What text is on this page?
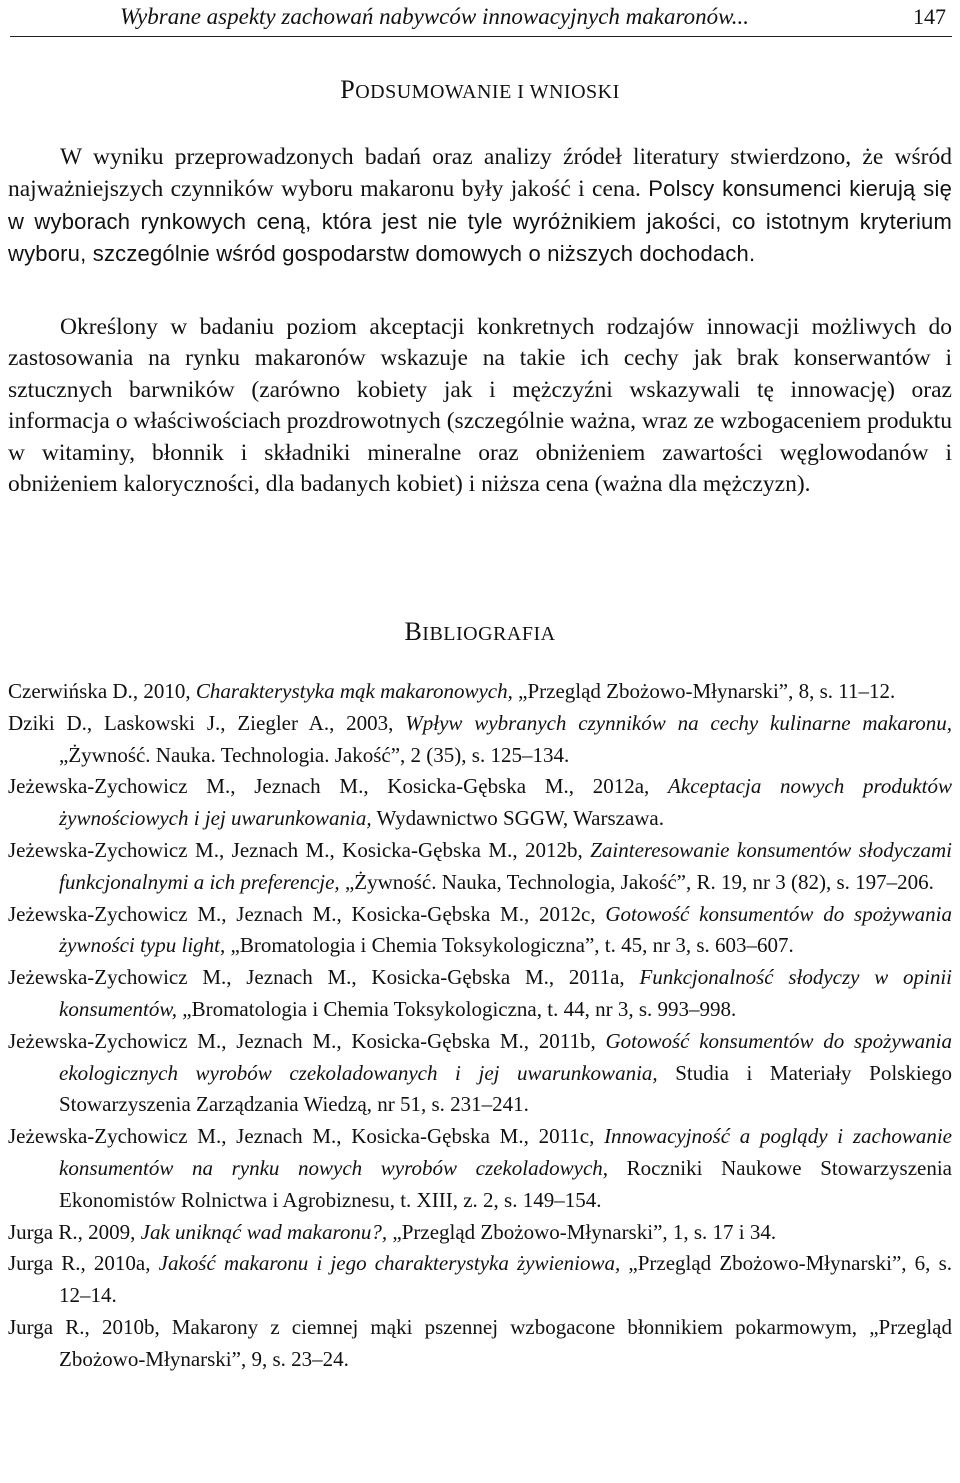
Wybrane aspekty zachowań nabywców innowacyjnych makaronów...	147
PODSUMOWANIE I WNIOSKI

W wyniku przeprowadzonych badań oraz analizy źródeł literatury stwierdzono, że wśród najważniejszych czynników wyboru makaronu były jakość i cena. Polscy konsumenci kierują się w wyborach rynkowych ceną, która jest nie tyle wyróżnikiem jakości, co istotnym kryterium wyboru, szczególnie wśród gospodarstw domowych o niższych dochodach.

Określony w badaniu poziom akceptacji konkretnych rodzajów innowacji możliwych do zastosowania na rynku makaronów wskazuje na takie ich cechy jak brak konserwantów i sztucznych barwników (zarówno kobiety jak i mężczyźni wskazywali tę innowację) oraz informacja o właściwościach prozdrowotnych (szczególnie ważna, wraz ze wzbogaceniem produktu w witaminy, błonnik i składniki mineralne oraz obniżeniem zawartości węglowodanów i obniżeniem kaloryczności, dla badanych kobiet) i niższa cena (ważna dla mężczyzn).

BIBLIOGRAFIA

Czerwińska D., 2010, Charakterystyka mąk makaronowych, „Przegląd Zbożowo-Młynarski”, 8, s. 11–12.

Dziki D., Laskowski J., Ziegler A., 2003, Wpływ wybranych czynników na cechy kulinarne makaronu, „Żywność. Nauka. Technologia. Jakość”, 2 (35), s. 125–134.

Jeżewska-Zychowicz M., Jeznach M., Kosicka-Gębska M., 2012a, Akceptacja nowych produktów żywnościowych i jej uwarunkowania, Wydawnictwo SGGW, Warszawa.

Jeżewska-Zychowicz M., Jeznach M., Kosicka-Gębska M., 2012b, Zainteresowanie konsumentów słodyczami funkcjonalnymi a ich preferencje, „Żywność. Nauka, Technologia, Jakość”, R. 19, nr 3 (82), s. 197–206.

Jeżewska-Zychowicz M., Jeznach M., Kosicka-Gębska M., 2012c, Gotowość konsumentów do spożywania żywności typu light, „Bromatologia i Chemia Toksykologiczna”, t. 45, nr 3, s. 603–607.

Jeżewska-Zychowicz M., Jeznach M., Kosicka-Gębska M., 2011a, Funkcjonalność słodyczy w opinii konsumentów, „Bromatologia i Chemia Toksykologiczna, t. 44, nr 3, s. 993–998.

Jeżewska-Zychowicz M., Jeznach M., Kosicka-Gębska M., 2011b, Gotowość konsumentów do spożywania ekologicznych wyrobów czekoladowanych i jej uwarunkowania, Studia i Materiały Polskiego Stowarzyszenia Zarządzania Wiedzą, nr 51, s. 231–241.

Jeżewska-Zychowicz M., Jeznach M., Kosicka-Gębska M., 2011c, Innowacyjność a poglądy i zachowanie konsumentów na rynku nowych wyrobów czekoladowych, Roczniki Naukowe Stowarzyszenia Ekonomistów Rolnictwa i Agrobiznesu, t. XIII, z. 2, s. 149–154.

Jurga R., 2009, Jak uniknąć wad makaronu?, „Przegląd Zbożowo-Młynarski”, 1, s. 17 i 34.

Jurga R., 2010a, Jakość makaronu i jego charakterystyka żywieniowa, „Przegląd Zbożowo-Młynarski”, 6, s. 12–14.

Jurga R., 2010b, Makarony z ciemnej mąki pszennej wzbogacone błonnikiem pokarmowym, „Przegląd Zbożowo-Młynarski”, 9, s. 23–24.
